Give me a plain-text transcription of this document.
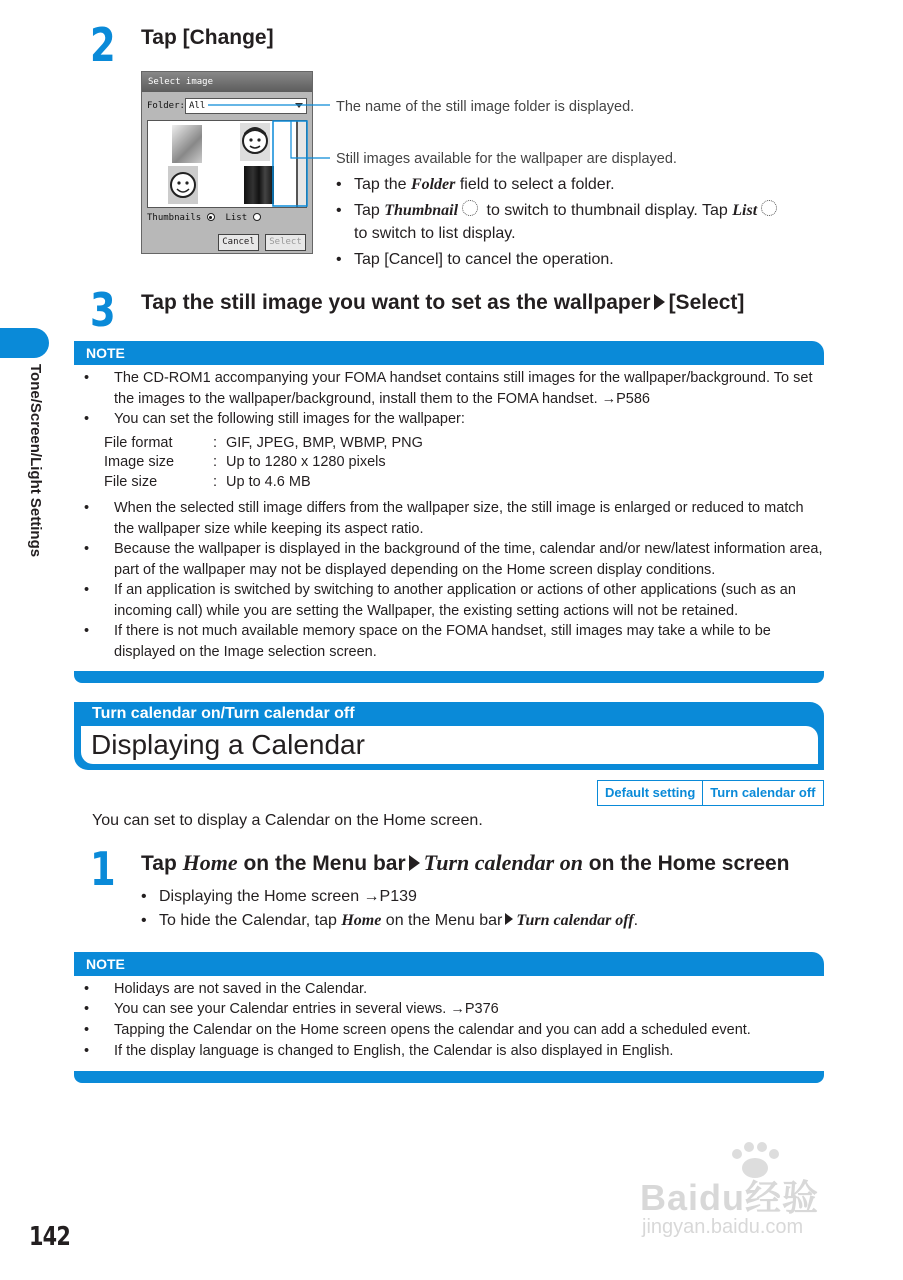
2 Tap [Change]
Select image
Folder: All
Thumbnails	List
Cancel	Select
The name of the still image folder is displayed.
Still images available for the wallpaper are displayed.
• Tap the Folder field to select a folder.
• Tap Thumbnail to switch to thumbnail display. Tap List
to switch to list display.
• Tap [Cancel] to cancel the operation.
3 Tap the still image you want to set as the wallpaper [Select]
Tone/Screen/Light Settings
NOTE
• The CD-ROM1 accompanying your FOMA handset contains still images for the wallpaper/background. To set the images to the wallpaper/background, install them to the FOMA handset. →P586
• You can set the following still images for the wallpaper:
File format	: GIF, JPEG, BMP, WBMP, PNG
Image size	: Up to 1280 x 1280 pixels
File size	: Up to 4.6 MB
• When the selected still image differs from the wallpaper size, the still image is enlarged or reduced to match the wallpaper size while keeping its aspect ratio.
• Because the wallpaper is displayed in the background of the time, calendar and/or new/latest information area, part of the wallpaper may not be displayed depending on the Home screen display conditions.
• If an application is switched by switching to another application or actions of other applications (such as an incoming call) while you are setting the Wallpaper, the existing setting actions will not be retained.
• If there is not much available memory space on the FOMA handset, still images may take a while to be displayed on the Image selection screen.
Turn calendar on/Turn calendar off
Displaying a Calendar
Default setting	Turn calendar off
You can set to display a Calendar on the Home screen.
1 Tap Home on the Menu bar Turn calendar on on the Home screen
• Displaying the Home screen →P139
• To hide the Calendar, tap Home on the Menu bar Turn calendar off.
NOTE
• Holidays are not saved in the Calendar.
• You can see your Calendar entries in several views. →P376
• Tapping the Calendar on the Home screen opens the calendar and you can add a scheduled event.
• If the display language is changed to English, the Calendar is also displayed in English.
142
Baidu经验
jingyan.baidu.com
